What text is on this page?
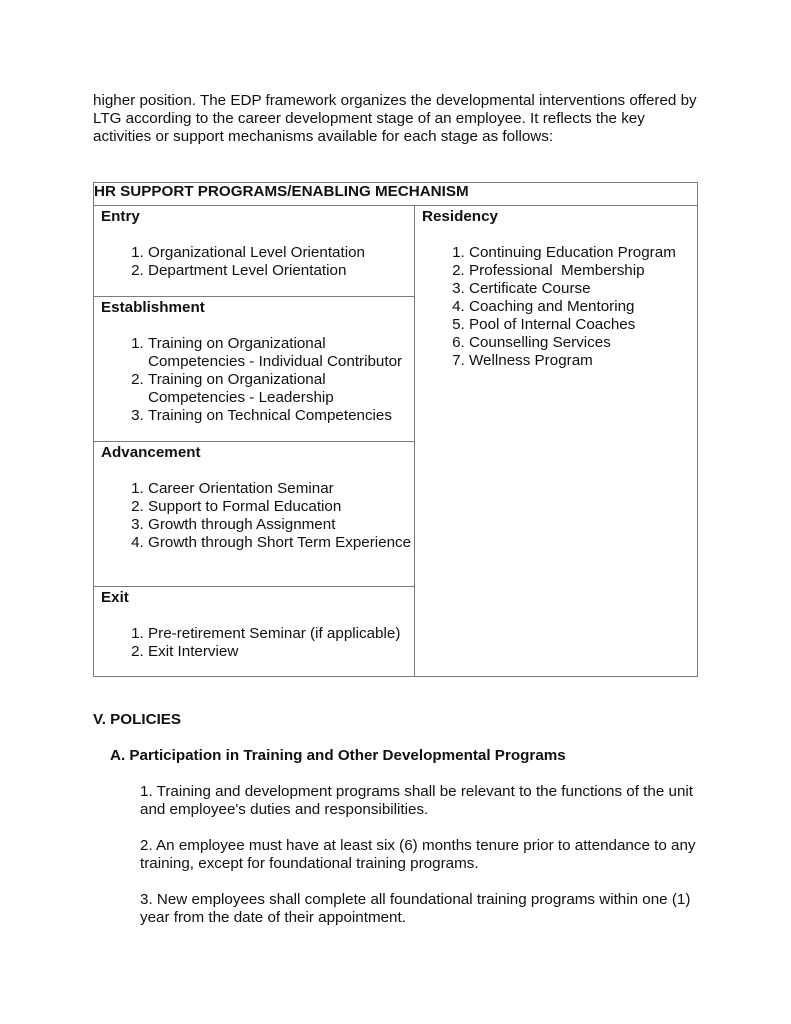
higher position. The EDP framework organizes the developmental interventions offered by LTG according to the career development stage of an employee. It reflects the key activities or support mechanisms available for each stage as follows:

HR SUPPORT PROGRAMS/ENABLING MECHANISM

Entry
1. Organizational Level Orientation
2. Department Level Orientation

Residency
1. Continuing Education Program
2. Professional  Membership
3. Certificate Course
4. Coaching and Mentoring
5. Pool of Internal Coaches
6. Counselling Services
7. Wellness Program

Establishment
1. Training on Organizational Competencies - Individual Contributor
2. Training on Organizational Competencies - Leadership
3. Training on Technical Competencies

Advancement
1. Career Orientation Seminar
2. Support to Formal Education
3. Growth through Assignment
4. Growth through Short Term Experience

Exit
1. Pre-retirement Seminar (if applicable)
2. Exit Interview
V. POLICIES
A. Participation in Training and Other Developmental Programs

1. Training and development programs shall be relevant to the functions of the unit and employee's duties and responsibilities.

2. An employee must have at least six (6) months tenure prior to attendance to any training, except for foundational training programs.

3. New employees shall complete all foundational training programs within one (1) year from the date of their appointment.
